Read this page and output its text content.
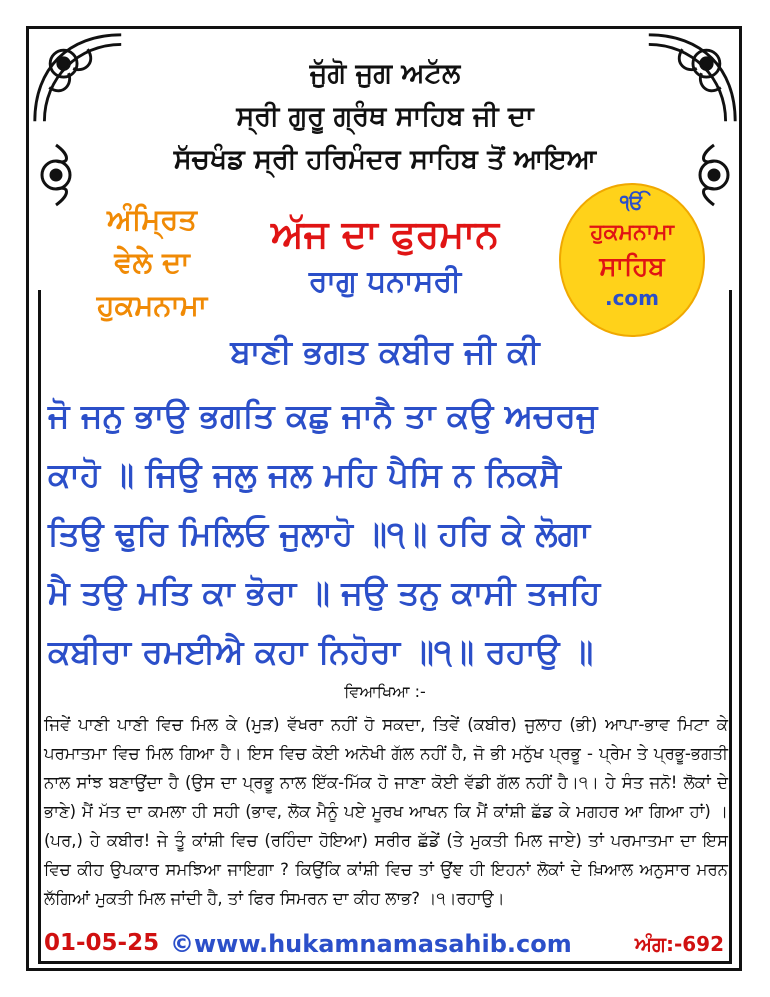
ਜੁੱਗੋ ਜੁਗ ਅਟੱਲ
ਸ੍ਰੀ ਗੁਰੂ ਗ੍ਰੰਥ ਸਾਹਿਬ ਜੀ ਦਾ
ਸੱਚਖੰਡ ਸ੍ਰੀ ਹਰਿਮੰਦਰ ਸਾਹਿਬ ਤੋਂ ਆਇਆ
ਅੰਮ੍ਰਿਤ
ਵੇਲੇ ਦਾ
ਹੁਕਮਨਾਮਾ
ਅੱਜ ਦਾ ਫੁਰਮਾਨ
ਰਾਗੁ ਧਨਾਸਰੀ
ੴ
ਹੁਕਮਨਾਮਾ
ਸਾਹਿਬ
.com
ਬਾਣੀ ਭਗਤ ਕਬੀਰ ਜੀ ਕੀ
ਜੋ ਜਨੁ ਭਾਉ ਭਗਤਿ ਕਛੁ ਜਾਨੈ ਤਾ ਕਉ ਅਚਰਜੁ
ਕਾਹੋ ॥ ਜਿਉ ਜਲੁ ਜਲ ਮਹਿ ਪੈਸਿ ਨ ਨਿਕਸੈ
ਤਿਉ ਢੁਰਿ ਮਿਲਿਓ ਜੁਲਾਹੋ ॥੧॥ ਹਰਿ ਕੇ ਲੋਗਾ
ਮੈ ਤਉ ਮਤਿ ਕਾ ਭੋਰਾ ॥ ਜਉ ਤਨੁ ਕਾਸੀ ਤਜਹਿ
ਕਬੀਰਾ ਰਮਈਐ ਕਹਾ ਨਿਹੋਰਾ ॥੧॥ ਰਹਾਉ ॥
ਵਿਆਖਿਆ :-
ਜਿਵੇਂ ਪਾਣੀ ਪਾਣੀ ਵਿਚ ਮਿਲ ਕੇ (ਮੁੜ) ਵੱਖਰਾ ਨਹੀਂ ਹੋ ਸਕਦਾ, ਤਿਵੇਂ (ਕਬੀਰ) ਜੁਲਾਹ (ਭੀ) ਆਪਾ-ਭਾਵ ਮਿਟਾ ਕੇ ਪਰਮਾਤਮਾ ਵਿਚ ਮਿਲ ਗਿਆ ਹੈ। ਇਸ ਵਿਚ ਕੋਈ ਅਨੋਖੀ ਗੱਲ ਨਹੀਂ ਹੈ, ਜੋ ਭੀ ਮਨੁੱਖ ਪ੍ਰਭੂ - ਪ੍ਰੇਮ ਤੇ ਪ੍ਰਭੂ-ਭਗਤੀ ਨਾਲ ਸਾਂਝ ਬਣਾਉਂਦਾ ਹੈ (ਉਸ ਦਾ ਪ੍ਰਭੂ ਨਾਲ ਇੱਕ-ਮਿੱਕ ਹੋ ਜਾਣਾ ਕੋਈ ਵੱਡੀ ਗੱਲ ਨਹੀਂ ਹੈ।੧। ਹੇ ਸੰਤ ਜਨੋ! ਲੋਕਾਂ ਦੇ ਭਾਣੇ) ਮੈਂ ਮੱਤ ਦਾ ਕਮਲਾ ਹੀ ਸਹੀ (ਭਾਵ, ਲੋਕ ਮੈਨੂੰ ਪਏ ਮੂਰਖ ਆਖਨ ਕਿ ਮੈਂ ਕਾਂਸ਼ੀ ਛੱਡ ਕੇ ਮਗਹਰ ਆ ਗਿਆ ਹਾਂ) । (ਪਰ,) ਹੇ ਕਬੀਰ! ਜੇ ਤੂੰ ਕਾਂਸ਼ੀ ਵਿਚ (ਰਹਿੰਦਾ ਹੋਇਆ) ਸਰੀਰ ਛੱਡੇਂ (ਤੇ ਮੁਕਤੀ ਮਿਲ ਜਾਏ) ਤਾਂ ਪਰਮਾਤਮਾ ਦਾ ਇਸ ਵਿਚ ਕੀਹ ਉਪਕਾਰ ਸਮਝਿਆ ਜਾਇਗਾ ? ਕਿਉਂਕਿ ਕਾਂਸ਼ੀ ਵਿਚ ਤਾਂ ਉਂਞ ਹੀ ਇਹਨਾਂ ਲੋਕਾਂ ਦੇ ਖ਼ਿਆਲ ਅਨੁਸਾਰ ਮਰਨ ਲੱਗਿਆਂ ਮੁਕਤੀ ਮਿਲ ਜਾਂਦੀ ਹੈ, ਤਾਂ ਫਿਰ ਸਿਮਰਨ ਦਾ ਕੀਹ ਲਾਭ? ।੧।ਰਹਾਉ।
01-05-25 ©www.hukamnamasahib.com	ਅੰਗ:-692
